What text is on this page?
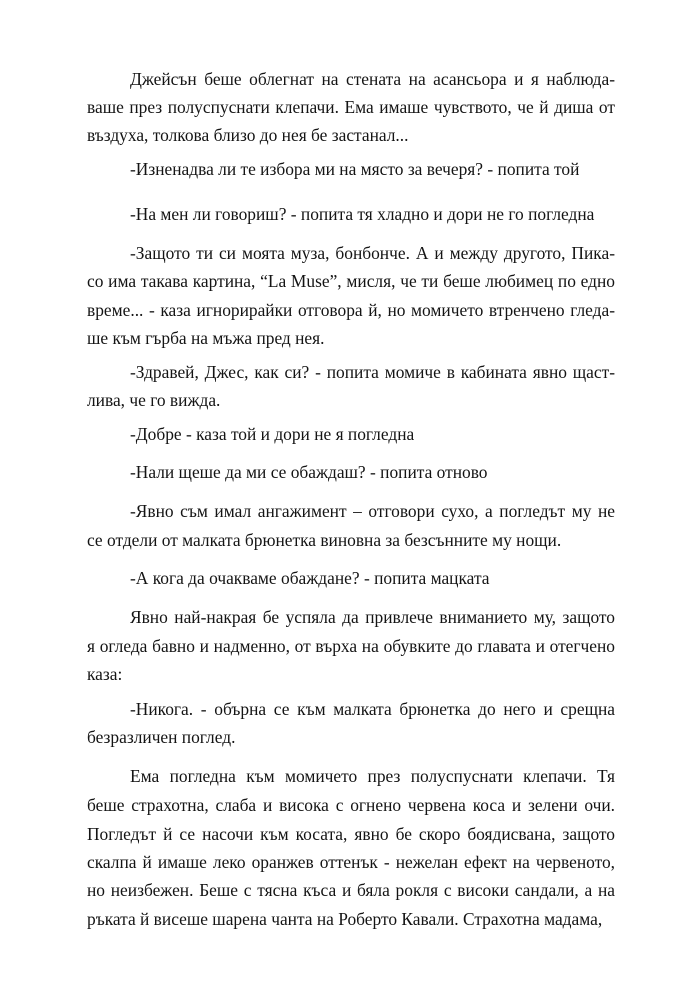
Джейсън беше облегнат на стената на асансьора и я наблюда-
ваше през полуспуснати клепачи. Ема имаше чувството, че й диша от
въздуха, толкова близо до нея бе застанал...
-Изненадва ли те избора ми на място за вечеря? - попита той
-На мен ли говориш? - попита тя хладно и дори не го погледна
-Защото ти си моята муза, бонбонче. А и между другото, Пика-
со има такава картина, “La Muse”, мисля, че ти беше любимец по едно
време... - каза игнорирайки отговора й, но момичето втренчено гледа-
ше към гърба на мъжа пред нея.
-Здравей, Джес, как си? - попита момиче в кабината явно щаст-
лива, че го вижда.
-Добре - каза той и дори не я погледна
-Нали щеше да ми се обаждаш? - попита отново
-Явно съм имал ангажимент – отговори сухо, а погледът му не
се отдели от малката брюнетка виновна за безсънните му нощи.
-А кога да очакваме обаждане? - попита мацката
Явно най-накрая бе успяла да привлече вниманието му, защото
я огледа бавно и надменно, от върха на обувките до главата и отегчено
каза:
-Никога. - обърна се към малката брюнетка до него и срещна
безразличен поглед.
Ема погледна към момичето през полуспуснати клепачи. Тя
беше страхотна, слаба и висока с огнено червена коса и зелени очи.
Погледът й се насочи към косата, явно бе скоро боядисвана, защото
скалпа й имаше леко оранжев оттенък - нежелан ефект на червеното,
но неизбежен. Беше с тясна къса и бяла рокля с високи сандали, а на
ръката й висеше шарена чанта на Роберто Кавали. Страхотна мадама,
